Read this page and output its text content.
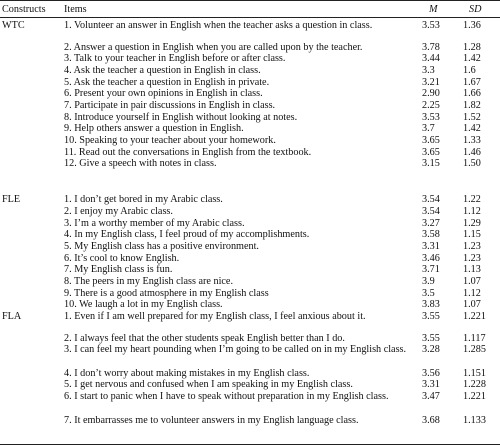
Constructs Items	M	SD
WTC	1. Volunteer an answer in English when the teacher asks a question in class.	3.53	1.36
2. Answer a question in English when you are called upon by the teacher.	3.78	1.28
3. Talk to your teacher in English before or after class.	3.44	1.42
4. Ask the teacher a question in English in class.	3.3	1.6
5. Ask the teacher a question in English in private.	3.21	1.67
6. Present your own opinions in English in class.	2.90	1.66
7. Participate in pair discussions in English in class.	2.25	1.82
8. Introduce yourself in English without looking at notes.	3.53	1.52
9. Help others answer a question in English.	3.7	1.42
10. Speaking to your teacher about your homework.	3.65	1.33
11. Read out the conversations in English from the textbook.	3.65	1.46
12. Give a speech with notes in class.	3.15	1.50
FLE	1. I don’t get bored in my Arabic class.	3.54	1.22
2. I enjoy my Arabic class.	3.54	1.12
3. I’m a worthy member of my Arabic class.	3.27	1.29
4. In my English class, I feel proud of my accomplishments.	3.58	1.15
5. My English class has a positive environment.	3.31	1.23
6. It’s cool to know English.	3.46	1.23
7. My English class is fun.	3.71	1.13
8. The peers in my English class are nice.	3.9	1.07
9. There is a good atmosphere in my English class	3.5	1.12
10. We laugh a lot in my English class.	3.83	1.07
FLA	1. Even if I am well prepared for my English class, I feel anxious about it.	3.55	1.221
2. I always feel that the other students speak English better than I do.	3.55	1.117
3. I can feel my heart pounding when I’m going to be called on in my English class.	3.28	1.285
4. I don’t worry about making mistakes in my English class.	3.56	1.151
5. I get nervous and confused when I am speaking in my English class.	3.31	1.228
6. I start to panic when I have to speak without preparation in my English class.	3.47	1.221
7. It embarrasses me to volunteer answers in my English language class.	3.68	1.133
